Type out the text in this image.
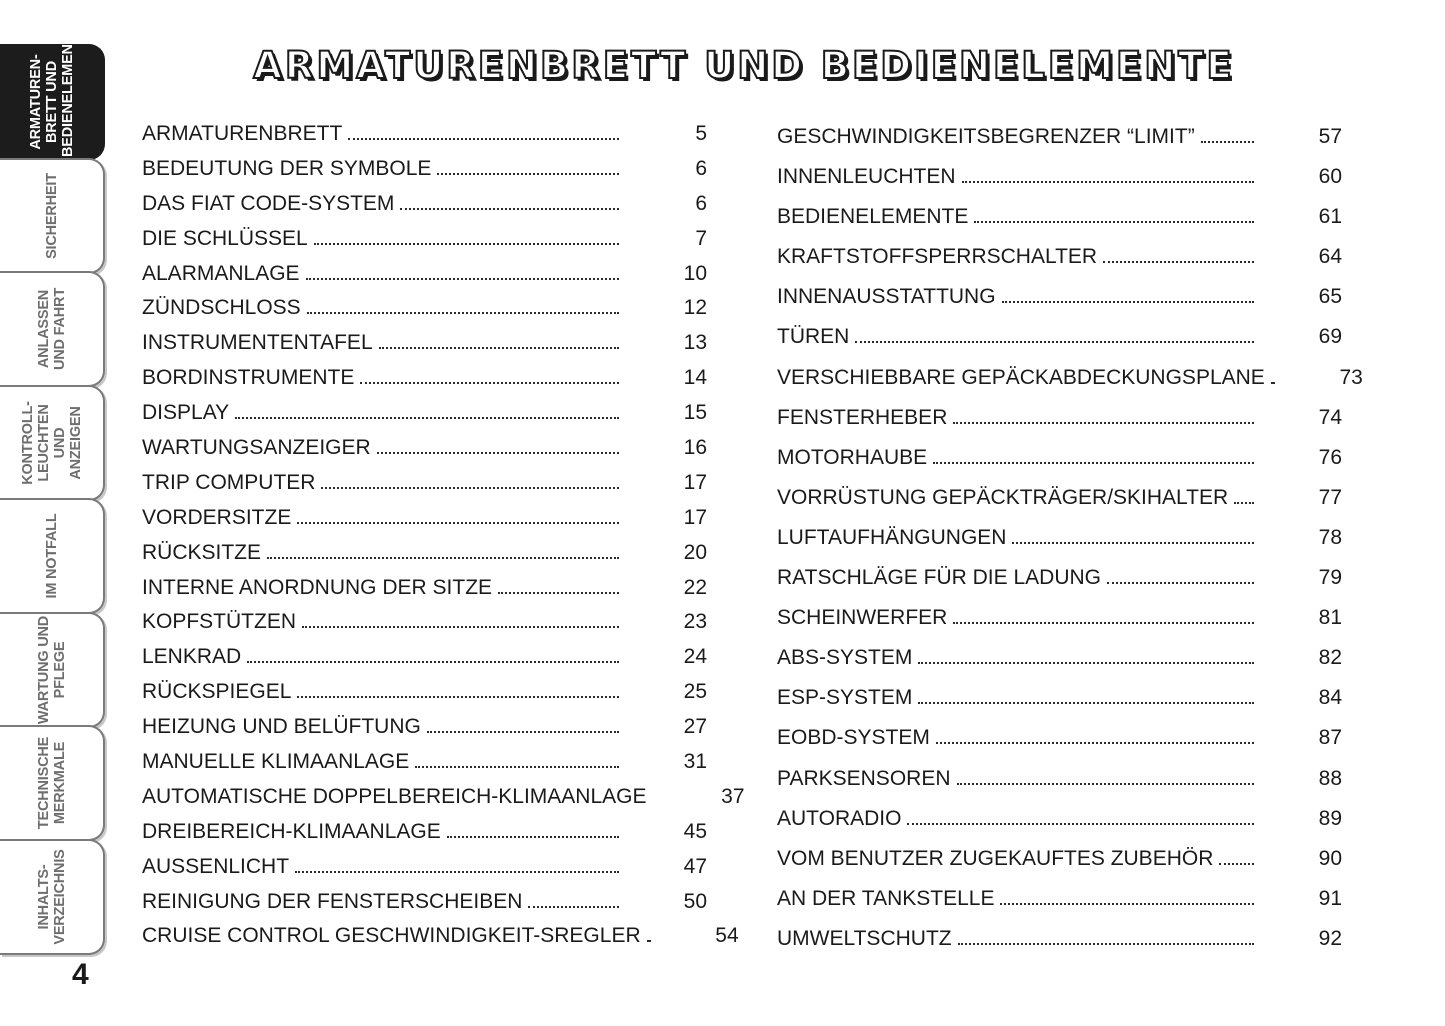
ARMATUREN-
BRETT UND
BEDIENELEMENTE
SICHERHEIT
ANLASSEN
UND FAHRT
KONTROLL-
LEUCHTEN UND
ANZEIGEN
IM NOTFALL
WARTUNG UND
PFLEGE
TECHNISCHE
MERKMALE
INHALTS-
VERZEICHNIS
ARMATURENBRETT UND BEDIENELEMENTE
ARMATURENBRETT	5
BEDEUTUNG DER SYMBOLE	6
DAS FIAT CODE-SYSTEM	6
DIE SCHLÜSSEL	7
ALARMANLAGE	10
ZÜNDSCHLOSS	12
INSTRUMENTENTAFEL	13
BORDINSTRUMENTE	14
DISPLAY	15
WARTUNGSANZEIGER	16
TRIP COMPUTER	17
VORDERSITZE	17
RÜCKSITZE	20
INTERNE ANORDNUNG DER SITZE	22
KOPFSTÜTZEN	23
LENKRAD	24
RÜCKSPIEGEL	25
HEIZUNG UND BELÜFTUNG	27
MANUELLE KLIMAANLAGE	31
AUTOMATISCHE DOPPELBEREICH-KLIMAANLAGE	37
DREIBEREICH-KLIMAANLAGE	45
AUSSENLICHT	47
REINIGUNG DER FENSTERSCHEIBEN	50
CRUISE CONTROL GESCHWINDIGKEIT-SREGLER	54
GESCHWINDIGKEITSBEGRENZER “LIMIT”	57
INNENLEUCHTEN	60
BEDIENELEMENTE	61
KRAFTSTOFFSPERRSCHALTER	64
INNENAUSSTATTUNG	65
TÜREN	69
VERSCHIEBBARE GEPÄCKABDECKUNGSPLANE	73
FENSTERHEBER	74
MOTORHAUBE	76
VORRÜSTUNG GEPÄCKTRÄGER/SKIHALTER	77
LUFTAUFHÄNGUNGEN	78
RATSCHLÄGE FÜR DIE LADUNG	79
SCHEINWERFER	81
ABS-SYSTEM	82
ESP-SYSTEM	84
EOBD-SYSTEM	87
PARKSENSOREN	88
AUTORADIO	89
VOM BENUTZER ZUGEKAUFTES ZUBEHÖR	90
AN DER TANKSTELLE	91
UMWELTSCHUTZ	92
4
